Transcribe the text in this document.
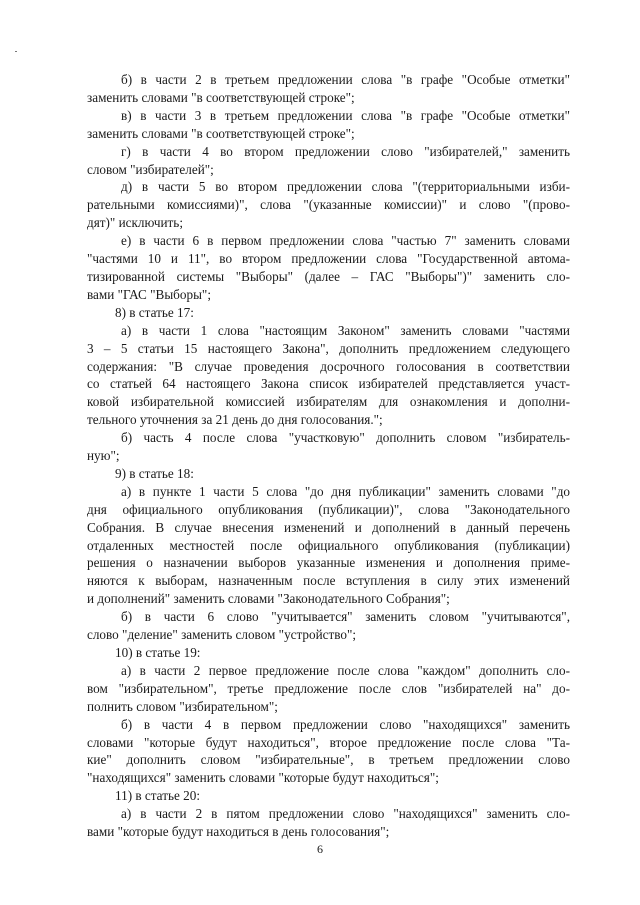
б) в части 2 в третьем предложении слова "в графе "Особые отметки"
заменить словами "в соответствующей строке";
в) в части 3 в третьем предложении слова "в графе "Особые отметки"
заменить словами "в соответствующей строке";
г) в части 4 во втором предложении слово "избирателей," заменить
словом "избирателей";
д) в части 5 во втором предложении слова "(территориальными изби-
рательными комиссиями)", слова "(указанные комиссии)" и слово "(прово-
дят)" исключить;
е) в части 6 в первом предложении слова "частью 7" заменить словами
"частями 10 и 11", во втором предложении слова "Государственной автома-
тизированной системы "Выборы" (далее – ГАС "Выборы")" заменить сло-
вами "ГАС "Выборы";
8) в статье 17:
а) в части 1 слова "настоящим Законом" заменить словами "частями
3 – 5 статьи 15 настоящего Закона", дополнить предложением следующего
содержания: "В случае проведения досрочного голосования в соответствии
со статьей 64 настоящего Закона список избирателей представляется участ-
ковой избирательной комиссией избирателям для ознакомления и дополни-
тельного уточнения за 21 день до дня голосования.";
б) часть 4 после слова "участковую" дополнить словом "избиратель-
ную";
9) в статье 18:
а) в пункте 1 части 5 слова "до дня публикации" заменить словами "до
дня официального опубликования (публикации)", слова "Законодательного
Собрания. В случае внесения изменений и дополнений в данный перечень
отдаленных местностей после официального опубликования (публикации)
решения о назначении выборов указанные изменения и дополнения приме-
няются к выборам, назначенным после вступления в силу этих изменений
и дополнений" заменить словами "Законодательного Собрания";
б) в части 6 слово "учитывается" заменить словом "учитываются",
слово "деление" заменить словом "устройство";
10) в статье 19:
а) в части 2 первое предложение после слова "каждом" дополнить сло-
вом "избирательном", третье предложение после слов "избирателей на" до-
полнить словом "избирательном";
б) в части 4 в первом предложении слово "находящихся" заменить
словами "которые будут находиться", второе предложение после слова "Та-
кие" дополнить словом "избирательные", в третьем предложении слово
"находящихся" заменить словами "которые будут находиться";
11) в статье 20:
а) в части 2 в пятом предложении слово "находящихся" заменить сло-
вами "которые будут находиться в день голосования";
6
